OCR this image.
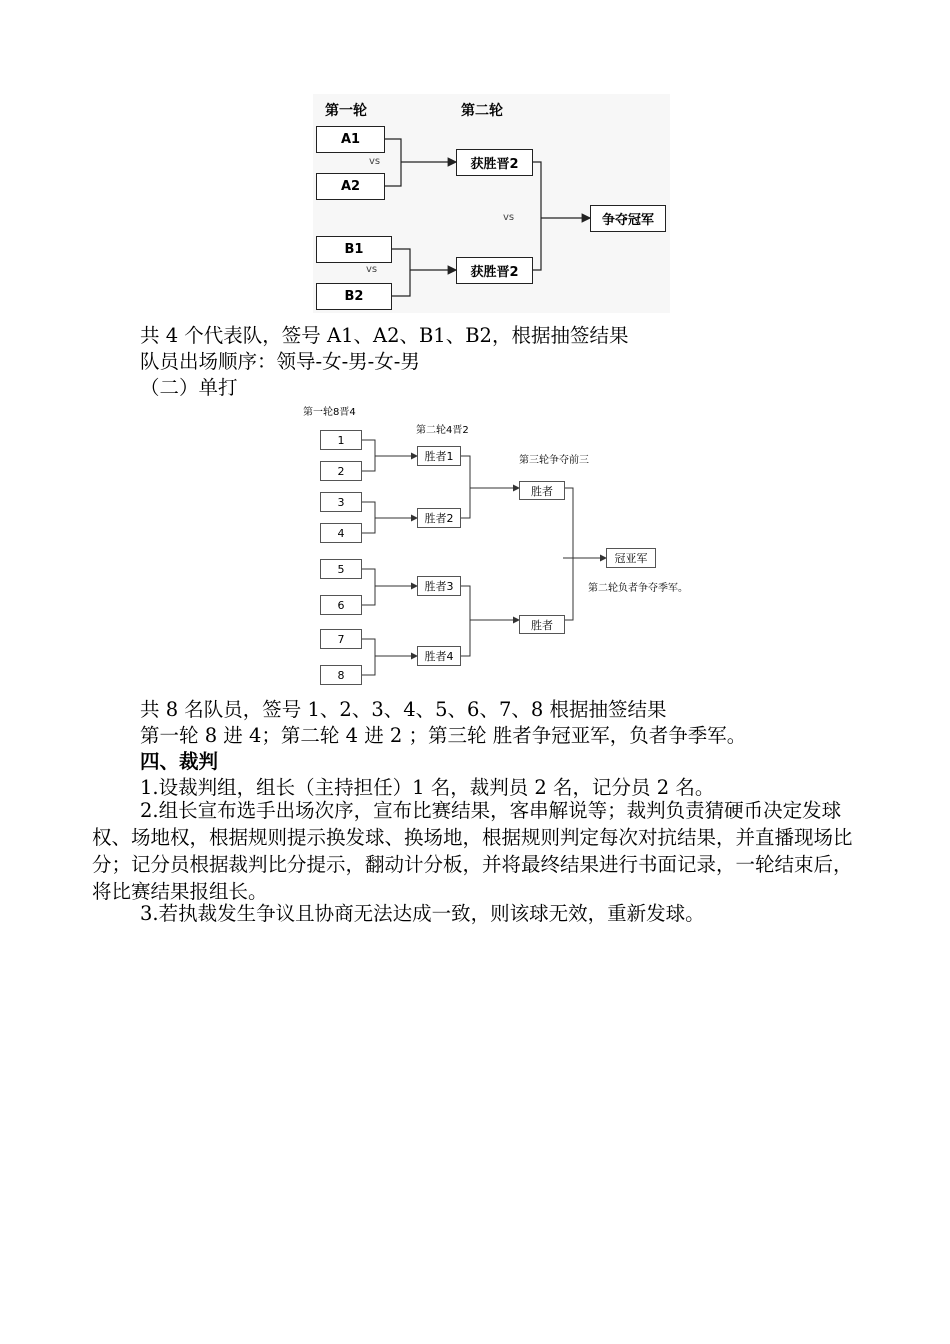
第一轮	第二轮
A1
A2
B1
B2
vs
vs
vs
获胜晋2
获胜晋2
争夺冠军
共 4 个代表队，签号 A1、A2、B1、B2，根据抽签结果
队员出场顺序：领导-女-男-女-男
（二）单打
第一轮8晋4
第二轮4晋2
第三轮争夺前三
1
2
3
4
5
6
7
8
胜者1
胜者2
胜者3
胜者4
胜者
胜者
冠亚军
第二轮负者争夺季军。
共 8 名队员，签号 1、2、3、4、5、6、7、8 根据抽签结果
第一轮 8 进 4；第二轮 4 进 2 ；第三轮 胜者争冠亚军，负者争季军。
四、裁判
1.设裁判组，组长（主持担任）1 名，裁判员 2 名，记分员 2 名。
2.组长宣布选手出场次序，宣布比赛结果，客串解说等；裁判负责猜硬币决定发球权、场地权，根据规则提示换发球、换场地，根据规则判定每次对抗结果，并直播现场比分；记分员根据裁判比分提示，翻动计分板，并将最终结果进行书面记录，一轮结束后，将比赛结果报组长。
3.若执裁发生争议且协商无法达成一致，则该球无效，重新发球。
